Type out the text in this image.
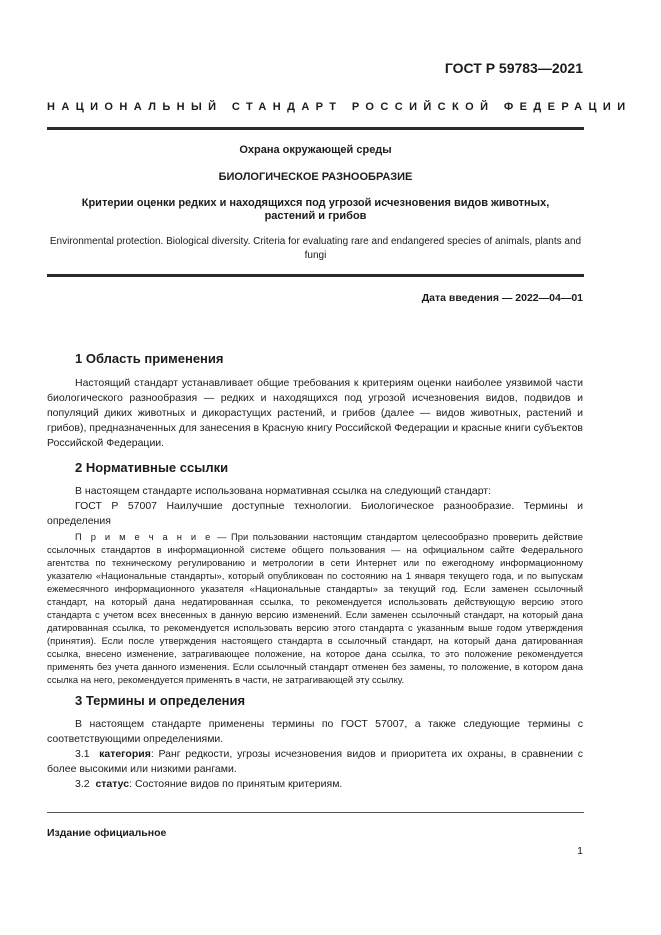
ГОСТ Р 59783—2021
НАЦИОНАЛЬНЫЙ СТАНДАРТ РОССИЙСКОЙ ФЕДЕРАЦИИ
Охрана окружающей среды
БИОЛОГИЧЕСКОЕ РАЗНООБРАЗИЕ
Критерии оценки редких и находящихся под угрозой исчезновения видов животных,
растений и грибов
Environmental protection. Biological diversity. Criteria for evaluating rare and endangered species of animals, plants and fungi
Дата введения — 2022—04—01
1 Область применения

Настоящий стандарт устанавливает общие требования к критериям оценки наиболее уязвимой части биологического разнообразия — редких и находящихся под угрозой исчезновения видов, подвидов и популяций диких животных и дикорастущих растений, и грибов (далее — видов животных, растений и грибов), предназначенных для занесения в Красную книгу Российской Федерации и красные книги субъектов Российской Федерации.

2 Нормативные ссылки

В настоящем стандарте использована нормативная ссылка на следующий стандарт:

ГОСТ Р 57007 Наилучшие доступные технологии. Биологическое разнообразие. Термины и определения

П р и м е ч а н и е — При пользовании настоящим стандартом целесообразно проверить действие ссылочных стандартов в информационной системе общего пользования — на официальном сайте Федерального агентства по техническому регулированию и метрологии в сети Интернет или по ежегодному информационному указателю «Национальные стандарты», который опубликован по состоянию на 1 января текущего года, и по выпускам ежемесячного информационного указателя «Национальные стандарты» за текущий год. Если заменен ссылочный стандарт, на который дана недатированная ссылка, то рекомендуется использовать действующую версию этого стандарта с учетом всех внесенных в данную версию изменений. Если заменен ссылочный стандарт, на который дана датированная ссылка, то рекомендуется использовать версию этого стандарта с указанным выше годом утверждения (принятия). Если после утверждения настоящего стандарта в ссылочный стандарт, на который дана датированная ссылка, внесено изменение, затрагивающее положение, на которое дана ссылка, то это положение рекомендуется применять без учета данного изменения. Если ссылочный стандарт отменен без замены, то положение, в котором дана ссылка на него, рекомендуется применять в части, не затрагивающей эту ссылку.

3 Термины и определения

В настоящем стандарте применены термины по ГОСТ 57007, а также следующие термины с соответствующими определениями.

3.1 категория: Ранг редкости, угрозы исчезновения видов и приоритета их охраны, в сравнении с более высокими или низкими рангами.

3.2 статус: Состояние видов по принятым критериям.

Издание официальное
1
